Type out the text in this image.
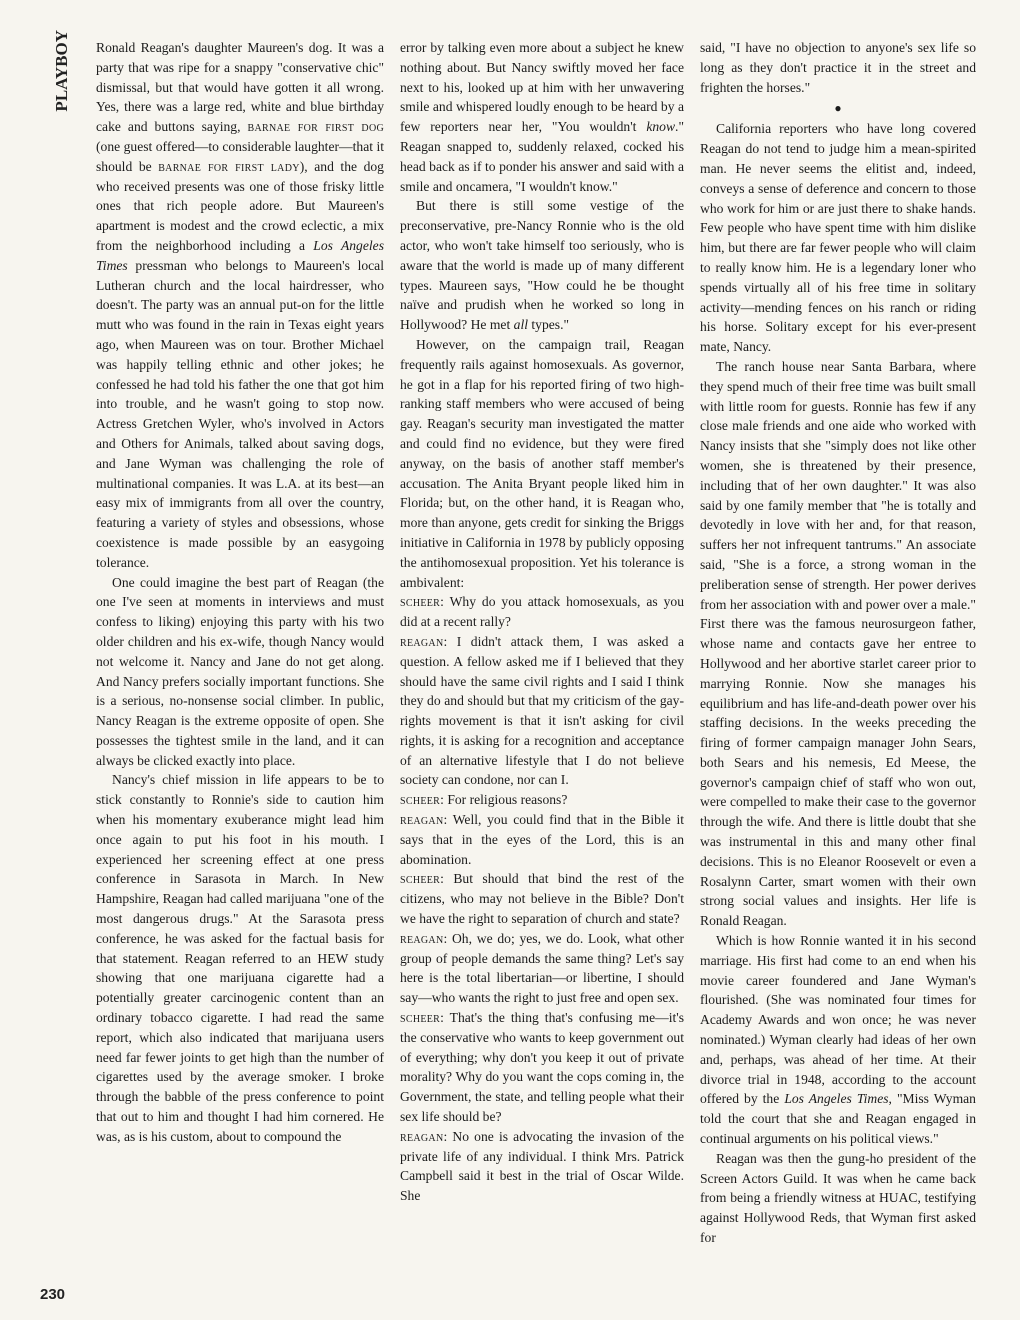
PLAYBOY Ronald Reagan's daughter Maureen's dog. It was a party that was ripe for a snappy "conservative chic" dismissal, but that would have gotten it all wrong. Yes, there was a large red, white and blue birthday cake and buttons saying, barnae for first dog (one guest offered—to considerable laughter—that it should be barnae for first lady), and the dog who received presents was one of those frisky little ones that rich people adore. But Maureen's apartment is modest and the crowd eclectic, a mix from the neighborhood including a Los Angeles Times pressman who belongs to Maureen's local Lutheran church and the local hairdresser, who doesn't. The party was an annual put-on for the little mutt who was found in the rain in Texas eight years ago, when Maureen was on tour. Brother Michael was happily telling ethnic and other jokes; he confessed he had told his father the one that got him into trouble, and he wasn't going to stop now. Actress Gretchen Wyler, who's involved in Actors and Others for Animals, talked about saving dogs, and Jane Wyman was challenging the role of multinational companies. It was L.A. at its best—an easy mix of immigrants from all over the country, featuring a variety of styles and obsessions, whose coexistence is made possible by an easygoing tolerance.

One could imagine the best part of Reagan (the one I've seen at moments in interviews and must confess to liking) enjoying this party with his two older children and his ex-wife, though Nancy would not welcome it. Nancy and Jane do not get along. And Nancy prefers socially important functions. She is a serious, no-nonsense social climber. In public, Nancy Reagan is the extreme opposite of open. She possesses the tightest smile in the land, and it can always be clicked exactly into place.

Nancy's chief mission in life appears to be to stick constantly to Ronnie's side to caution him when his momentary exuberance might lead him once again to put his foot in his mouth. I experienced her screening effect at one press conference in Sarasota in March. In New Hampshire, Reagan had called marijuana "one of the most dangerous drugs." At the Sarasota press conference, he was asked for the factual basis for that statement. Reagan referred to an HEW study showing that one marijuana cigarette had a potentially greater carcinogenic content than an ordinary tobacco cigarette. I had read the same report, which also indicated that marijuana users need far fewer joints to get high than the number of cigarettes used by the average smoker. I broke through the babble of the press conference to point that out to him and thought I had him cornered. He was, as is his custom, about to compound the

error by talking even more about a subject he knew nothing about. But Nancy swiftly moved her face next to his, looked up at him with her unwavering smile and whispered loudly enough to be heard by a few reporters near her, "You wouldn't know." Reagan snapped to, suddenly relaxed, cocked his head back as if to ponder his answer and said with a smile and oncamera, "I wouldn't know."

But there is still some vestige of the preconservative, pre-Nancy Ronnie who is the old actor, who won't take himself too seriously, who is aware that the world is made up of many different types. Maureen says, "How could he be thought naïve and prudish when he worked so long in Hollywood? He met all types."

However, on the campaign trail, Reagan frequently rails against homosexuals. As governor, he got in a flap for his reported firing of two high-ranking staff members who were accused of being gay. Reagan's security man investigated the matter and could find no evidence, but they were fired anyway, on the basis of another staff member's accusation. The Anita Bryant people liked him in Florida; but, on the other hand, it is Reagan who, more than anyone, gets credit for sinking the Briggs initiative in California in 1978 by publicly opposing the antihomosexual proposition. Yet his tolerance is ambivalent:

scheer: Why do you attack homosexuals, as you did at a recent rally?

reagan: I didn't attack them, I was asked a question. A fellow asked me if I believed that they should have the same civil rights and I said I think they do and should but that my criticism of the gay-rights movement is that it isn't asking for civil rights, it is asking for a recognition and acceptance of an alternative lifestyle that I do not believe society can condone, nor can I.

scheer: For religious reasons?

reagan: Well, you could find that in the Bible it says that in the eyes of the Lord, this is an abomination.

scheer: But should that bind the rest of the citizens, who may not believe in the Bible? Don't we have the right to separation of church and state?

reagan: Oh, we do; yes, we do. Look, what other group of people demands the same thing? Let's say here is the total libertarian—or libertine, I should say—who wants the right to just free and open sex.

scheer: That's the thing that's confusing me—it's the conservative who wants to keep government out of everything; why don't you keep it out of private morality? Why do you want the cops coming in, the Government, the state, and telling people what their sex life should be?

reagan: No one is advocating the invasion of the private life of any individual. I think Mrs. Patrick Campbell said it best in the trial of Oscar Wilde. She

said, "I have no objection to anyone's sex life so long as they don't practice it in the street and frighten the horses."

●

California reporters who have long covered Reagan do not tend to judge him a mean-spirited man. He never seems the elitist and, indeed, conveys a sense of deference and concern to those who work for him or are just there to shake hands. Few people who have spent time with him dislike him, but there are far fewer people who will claim to really know him. He is a legendary loner who spends virtually all of his free time in solitary activity—mending fences on his ranch or riding his horse. Solitary except for his ever-present mate, Nancy.

The ranch house near Santa Barbara, where they spend much of their free time was built small with little room for guests. Ronnie has few if any close male friends and one aide who worked with Nancy insists that she "simply does not like other women, she is threatened by their presence, including that of her own daughter." It was also said by one family member that "he is totally and devotedly in love with her and, for that reason, suffers her not infrequent tantrums." An associate said, "She is a force, a strong woman in the preliberation sense of strength. Her power derives from her association with and power over a male." First there was the famous neurosurgeon father, whose name and contacts gave her entree to Hollywood and her abortive starlet career prior to marrying Ronnie. Now she manages his equilibrium and has life-and-death power over his staffing decisions. In the weeks preceding the firing of former campaign manager John Sears, both Sears and his nemesis, Ed Meese, the governor's campaign chief of staff who won out, were compelled to make their case to the governor through the wife. And there is little doubt that she was instrumental in this and many other final decisions. This is no Eleanor Roosevelt or even a Rosalynn Carter, smart women with their own strong social values and insights. Her life is Ronald Reagan.

Which is how Ronnie wanted it in his second marriage. His first had come to an end when his movie career foundered and Jane Wyman's flourished. (She was nominated four times for Academy Awards and won once; he was never nominated.) Wyman clearly had ideas of her own and, perhaps, was ahead of her time. At their divorce trial in 1948, according to the account offered by the Los Angeles Times, "Miss Wyman told the court that she and Reagan engaged in continual arguments on his political views."

Reagan was then the gung-ho president of the Screen Actors Guild. It was when he came back from being a friendly witness at HUAC, testifying against Hollywood Reds, that Wyman first asked for

230
